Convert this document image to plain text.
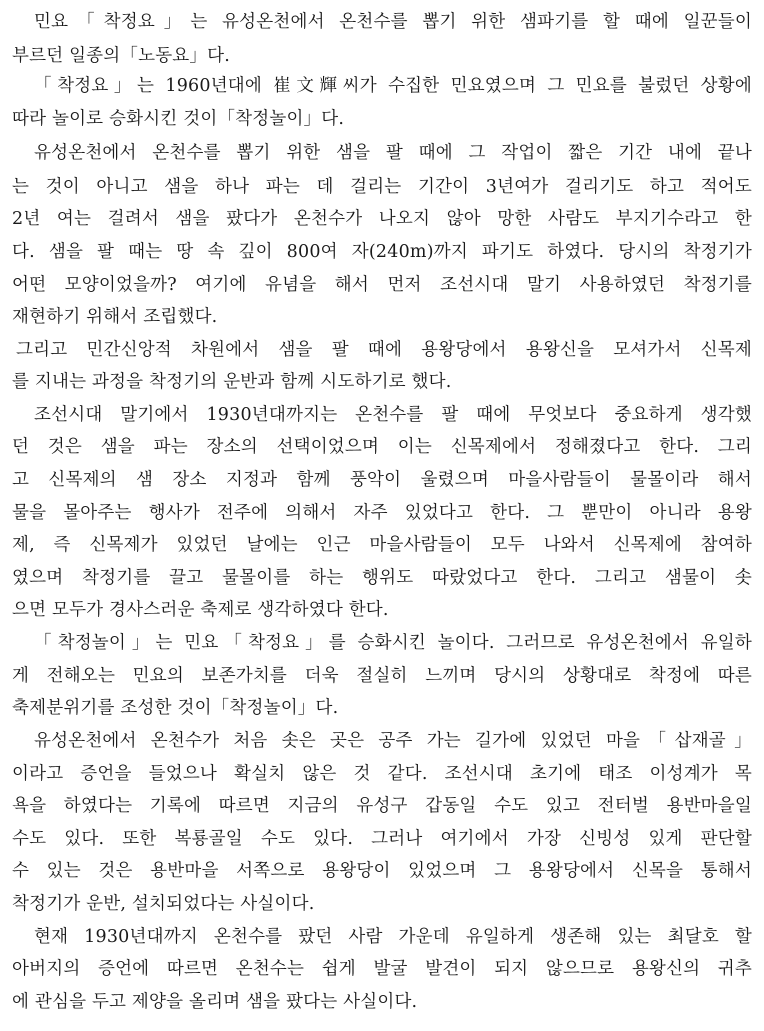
민요「착정요」는 유성온천에서 온천수를 뽑기 위한 샘파기를 할 때에 일꾼들이
부르던 일종의「노동요」다.
「착정요」는 1960년대에 崔文輝씨가 수집한 민요였으며 그 민요를 불렀던 상황에
따라 놀이로 승화시킨 것이「착정놀이」다.
유성온천에서 온천수를 뽑기 위한 샘을 팔 때에 그 작업이 짧은 기간 내에 끝나
는 것이 아니고 샘을 하나 파는 데 걸리는 기간이 3년여가 걸리기도 하고 적어도
2년 여는 걸려서 샘을 팠다가 온천수가 나오지 않아 망한 사람도 부지기수라고 한
다. 샘을 팔 때는 땅 속 깊이 800여 자(240m)까지 파기도 하였다. 당시의 착정기가
어떤 모양이었을까? 여기에 유념을 해서 먼저 조선시대 말기 사용하였던 착정기를
재현하기 위해서 조립했다.
그리고 민간신앙적 차원에서 샘을 팔 때에 용왕당에서 용왕신을 모셔가서 신목제
를 지내는 과정을 착정기의 운반과 함께 시도하기로 했다.
조선시대 말기에서 1930년대까지는 온천수를 팔 때에 무엇보다 중요하게 생각했
던 것은 샘을 파는 장소의 선택이었으며 이는 신목제에서 정해졌다고 한다. 그리
고 신목제의 샘 장소 지정과 함께 풍악이 울렸으며 마을사람들이 물몰이라 해서
물을 몰아주는 행사가 전주에 의해서 자주 있었다고 한다. 그 뿐만이 아니라 용왕
제, 즉 신목제가 있었던 날에는 인근 마을사람들이 모두 나와서 신목제에 참여하
였으며 착정기를 끌고 물몰이를 하는 행위도 따랐었다고 한다. 그리고 샘물이 솟
으면 모두가 경사스러운 축제로 생각하였다 한다.
「착정놀이」는 민요「착정요」를 승화시킨 놀이다. 그러므로 유성온천에서 유일하
게 전해오는 민요의 보존가치를 더욱 절실히 느끼며 당시의 상황대로 착정에 따른
축제분위기를 조성한 것이「착정놀이」다.
유성온천에서 온천수가 처음 솟은 곳은 공주 가는 길가에 있었던 마을「삽재골」
이라고 증언을 들었으나 확실치 않은 것 같다. 조선시대 초기에 태조 이성계가 목
욕을 하였다는 기록에 따르면 지금의 유성구 갑동일 수도 있고 전터벌 용반마을일
수도 있다. 또한 복룡골일 수도 있다. 그러나 여기에서 가장 신빙성 있게 판단할
수 있는 것은 용반마을 서쪽으로 용왕당이 있었으며 그 용왕당에서 신목을 통해서
착정기가 운반, 설치되었다는 사실이다.
현재 1930년대까지 온천수를 팠던 사람 가운데 유일하게 생존해 있는 최달호 할
아버지의 증언에 따르면 온천수는 쉽게 발굴 발견이 되지 않으므로 용왕신의 귀추
에 관심을 두고 제양을 올리며 샘을 팠다는 사실이다.
